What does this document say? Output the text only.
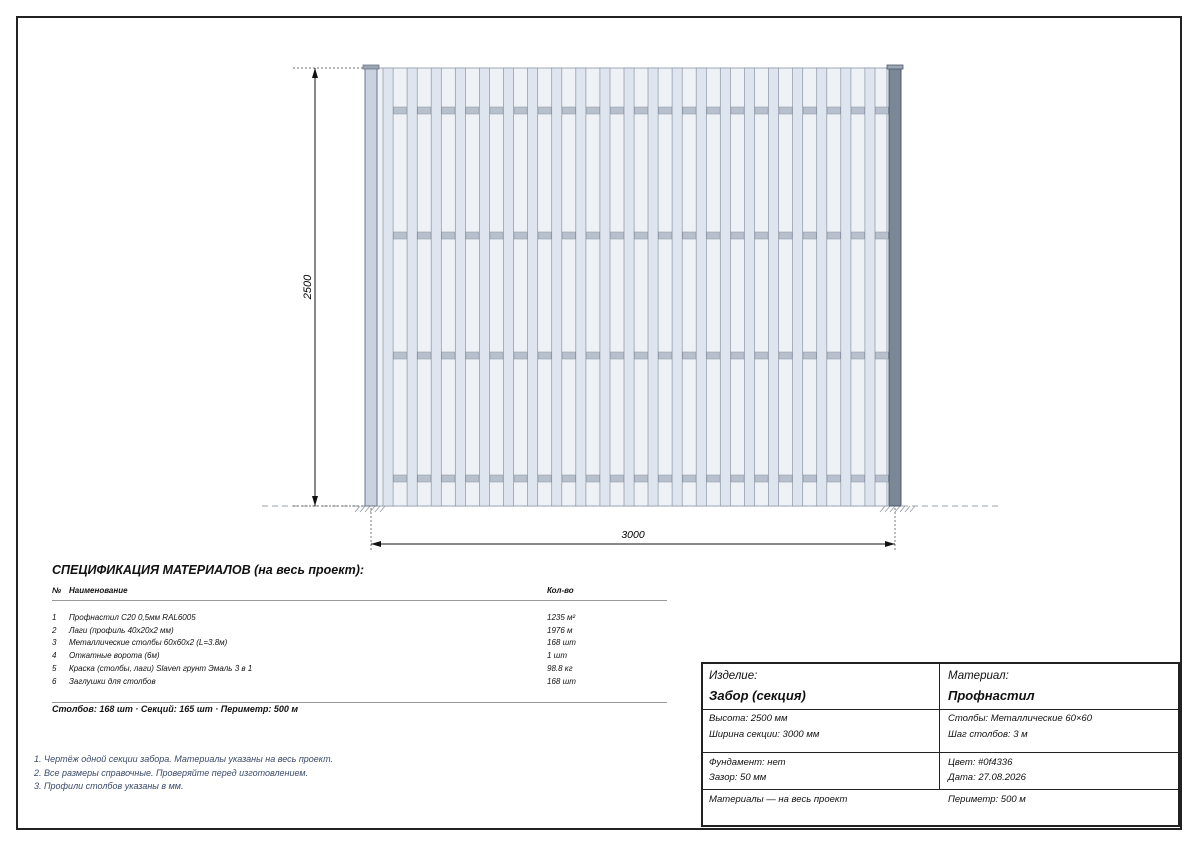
2500
3000
СПЕЦИФИКАЦИЯ МАТЕРИАЛОВ (на весь проект):
№ Наименование	Кол-во
1	Профнастил С20 0,5мм RAL6005	1235 м²
2	Лаги (профиль 40x20x2 мм)	1976 м
3	Металлические столбы 60x60x2 (L=3.8м)	168 шт
4	Откатные ворота (6м)	1 шт
5	Краска (столбы, лаги) Slaven грунт Эмаль 3 в 1	98.8 кг
6	Заглушки для столбов	168 шт
Столбов: 168 шт · Секций: 165 шт · Периметр: 500 м
1. Чертёж одной секции забора. Материалы указаны на весь проект.
2. Все размеры справочные. Проверяйте перед изготовлением.
3. Профили столбов указаны в мм.
Изделие:
Забор (секция)
Материал:
Профнастил
Высота: 2500 мм
Ширина секции: 3000 мм
Столбы: Металлические 60×60
Шаг столбов: 3 м
Фундамент: нет
Зазор: 50 мм
Цвет: #0f4336
Дата: 27.08.2026
Материалы — на весь проект	Периметр: 500 м
